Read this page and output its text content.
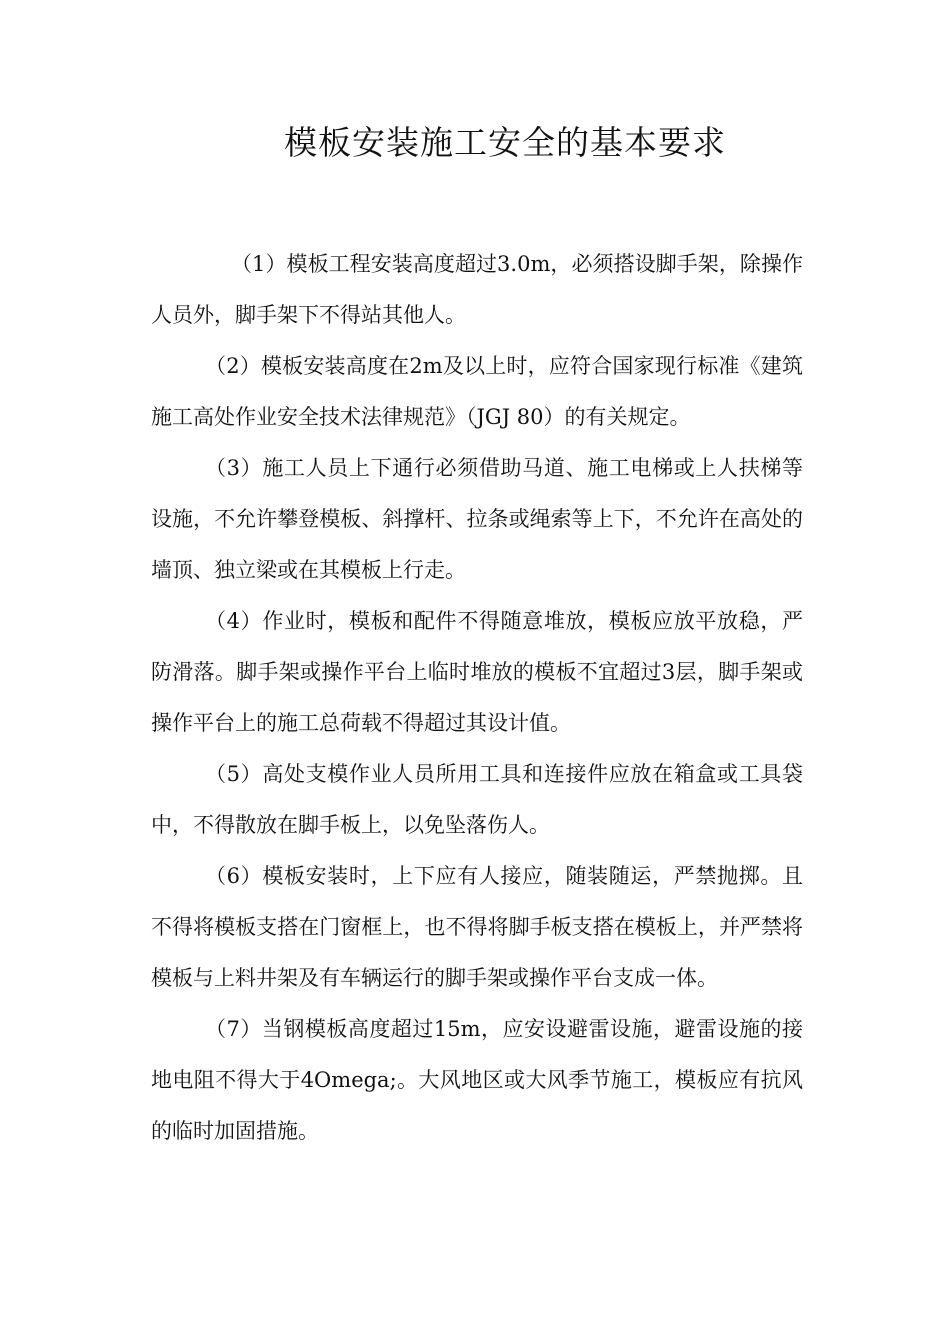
模板安装施工安全的基本要求

（1）模板工程安装高度超过3.0m，必须搭设脚手架，除操作人员外，脚手架下不得站其他人。

（2）模板安装高度在2m及以上时，应符合国家现行标准《建筑施工高处作业安全技术法律规范》（JGJ 80）的有关规定。

（3）施工人员上下通行必须借助马道、施工电梯或上人扶梯等设施，不允许攀登模板、斜撑杆、拉条或绳索等上下，不允许在高处的墙顶、独立梁或在其模板上行走。

（4）作业时，模板和配件不得随意堆放，模板应放平放稳，严防滑落。脚手架或操作平台上临时堆放的模板不宜超过3层，脚手架或操作平台上的施工总荷载不得超过其设计值。

（5）高处支模作业人员所用工具和连接件应放在箱盒或工具袋中，不得散放在脚手板上，以免坠落伤人。

（6）模板安装时，上下应有人接应，随装随运，严禁抛掷。且不得将模板支搭在门窗框上，也不得将脚手板支搭在模板上，并严禁将模板与上料井架及有车辆运行的脚手架或操作平台支成一体。

（7）当钢模板高度超过15m，应安设避雷设施，避雷设施的接地电阻不得大于4Omega;。大风地区或大风季节施工，模板应有抗风的临时加固措施。
